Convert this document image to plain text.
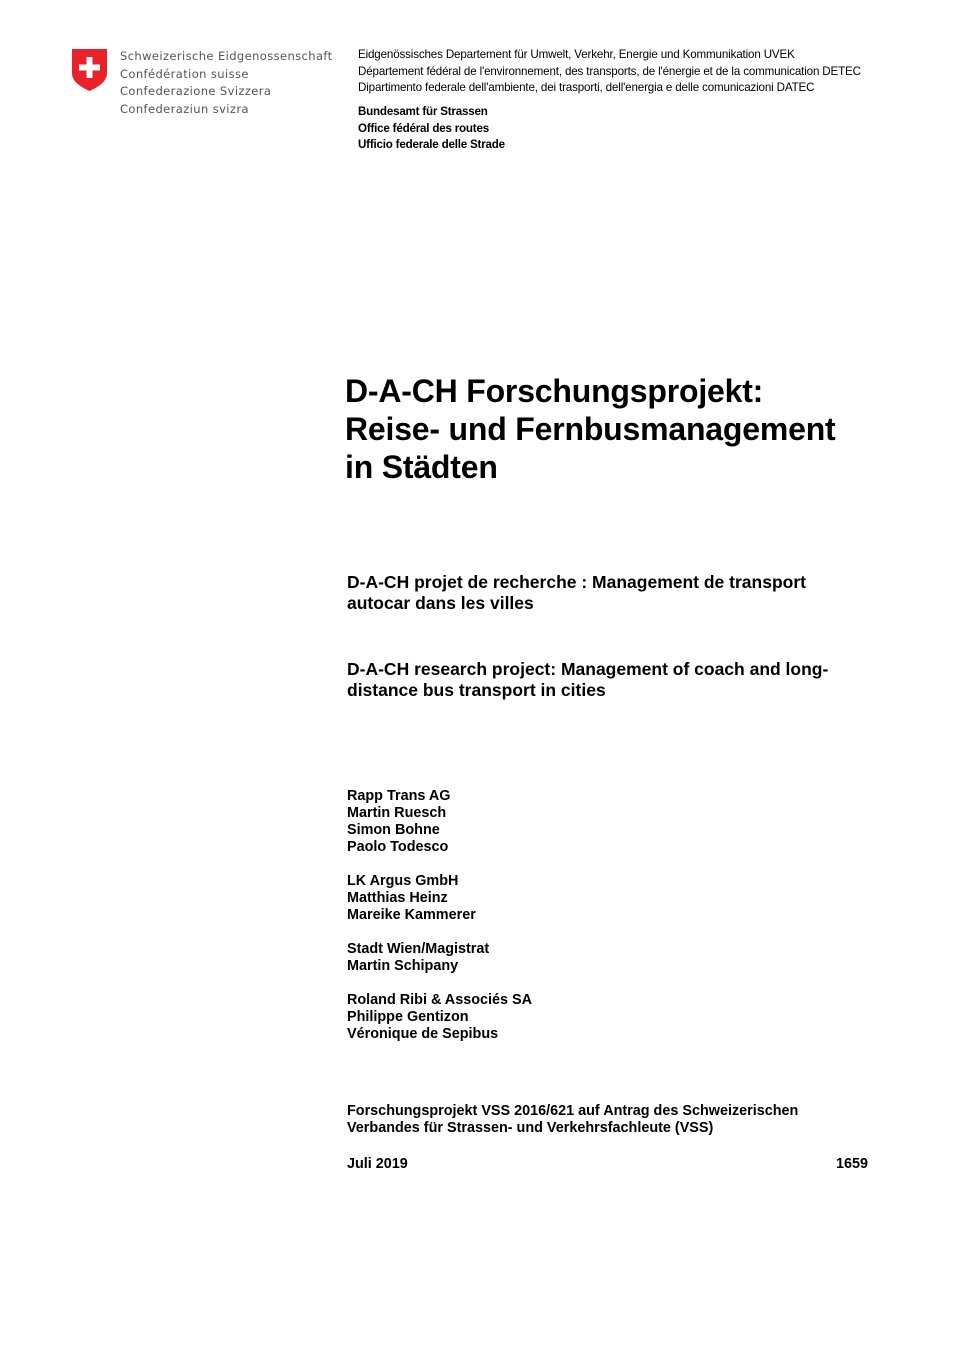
Schweizerische Eidgenossenschaft
Confédération suisse
Confederazione Svizzera
Confederaziun svizra
Eidgenössisches Departement für Umwelt, Verkehr, Energie und Kommunikation UVEK
Département fédéral de l'environnement, des transports, de l'énergie et de la communication DETEC
Dipartimento federale dell'ambiente, dei trasporti, dell'energia e delle comunicazioni DATEC
Bundesamt für Strassen
Office fédéral des routes
Ufficio federale delle Strade
D-A-CH Forschungsprojekt:
Reise- und Fernbusmanagement
in Städten
D-A-CH projet de recherche : Management de transport
autocar dans les villes
D-A-CH research project: Management of coach and long-
distance bus transport in cities
Rapp Trans AG
Martin Ruesch
Simon Bohne
Paolo Todesco
LK Argus GmbH
Matthias Heinz
Mareike Kammerer
Stadt Wien/Magistrat
Martin Schipany
Roland Ribi & Associés SA
Philippe Gentizon
Véronique de Sepibus
Forschungsprojekt VSS 2016/621 auf Antrag des Schweizerischen
Verbandes für Strassen- und Verkehrsfachleute (VSS)
Juli 2019	1659
